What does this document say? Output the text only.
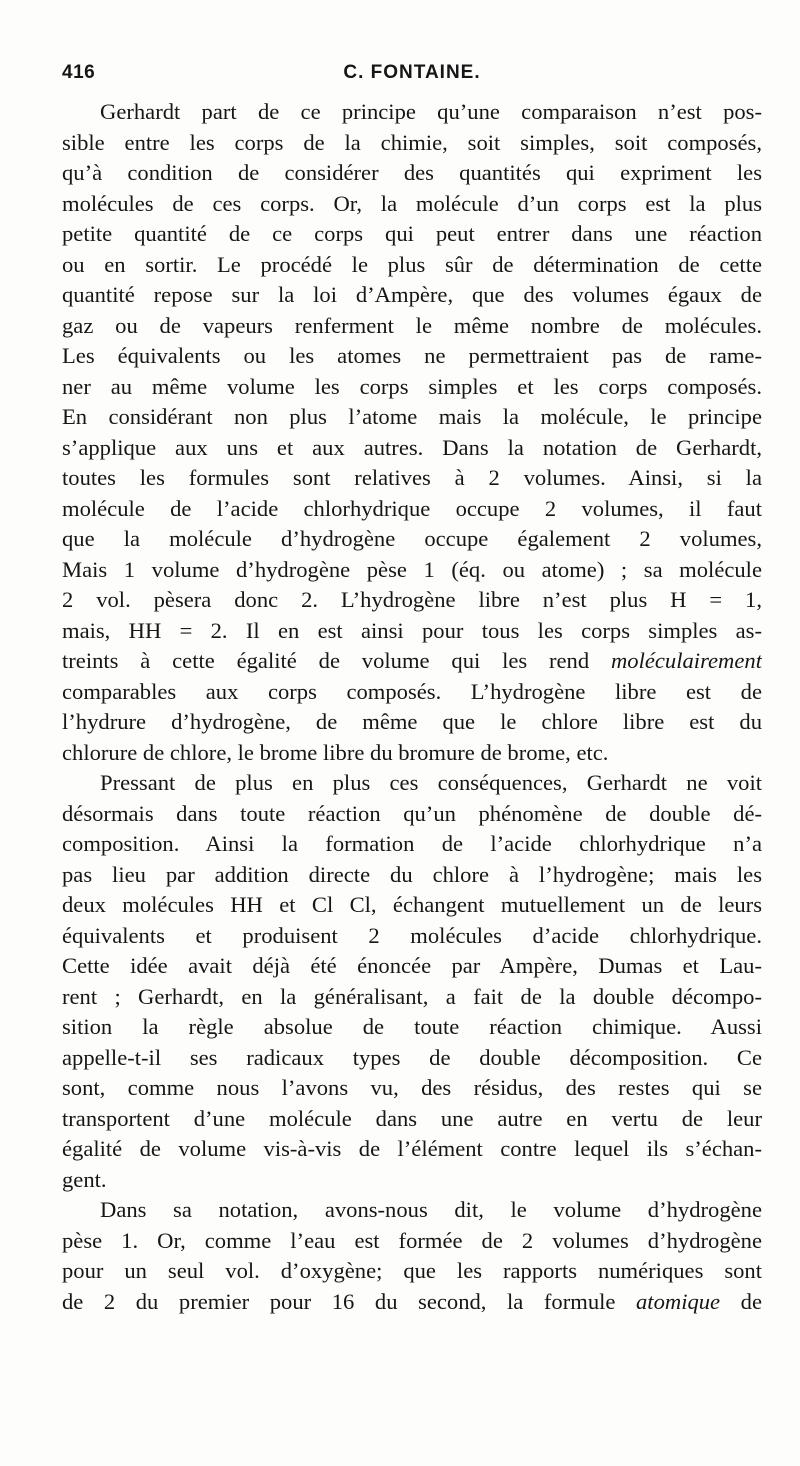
416	C. FONTAINE.
Gerhardt part de ce principe qu’une comparaison n’est pos-
sible entre les corps de la chimie, soit simples, soit composés,
qu’à condition de considérer des quantités qui expriment les
molécules de ces corps. Or, la molécule d’un corps est la plus
petite quantité de ce corps qui peut entrer dans une réaction
ou en sortir. Le procédé le plus sûr de détermination de cette
quantité repose sur la loi d’Ampère, que des volumes égaux de
gaz ou de vapeurs renferment le même nombre de molécules.
Les équivalents ou les atomes ne permettraient pas de ramе-
ner au même volume les corps simples et les corps composés.
En considérant non plus l’atome mais la molécule, le principe
s’applique aux uns et aux autres. Dans la notation de Gerhardt,
toutes les formules sont relatives à 2 volumes. Ainsi, si la
molécule de l’acide chlorhydrique occupe 2 volumes, il faut
que la molécule d’hydrogène occupe également 2 volumes,
Mais 1 volume d’hydrogène pèse 1 (éq. ou atome) ; sa molécule
2 vol. pèsera donc 2. L’hydrogène libre n’est plus H = 1,
mais, HH = 2. Il en est ainsi pour tous les corps simples as-
treints à cette égalité de volume qui les rend moléculairement
comparables aux corps composés. L’hydrogène libre est de
l’hydrure d’hydrogène, de même que le chlore libre est du
chlorure de chlore, le brome libre du bromure de brome, etc.
Pressant de plus en plus ces conséquences, Gerhardt ne voit
désormais dans toute réaction qu’un phénomène de double dé-
composition. Ainsi la formation de l’acide chlorhydrique n’a
pas lieu par addition directe du chlore à l’hydrogène; mais les
deux molécules HH et Cl Cl, échangent mutuellement un de leurs
équivalents et produisent 2 molécules d’acide chlorhydrique.
Cette idée avait déjà été énoncée par Ampère, Dumas et Lau-
rent ; Gerhardt, en la généralisant, a fait de la double décompo-
sition la règle absolue de toute réaction chimique. Aussi
appelle-t-il ses radicaux types de double décomposition. Ce
sont, comme nous l’avons vu, des résidus, des restes qui se
transportent d’une molécule dans une autre en vertu de leur
égalité de volume vis-à-vis de l’élément contre lequel ils s’échan-
gent.
Dans sa notation, avons-nous dit, le volume d’hydrogène
pèse 1. Or, comme l’eau est formée de 2 volumes d’hydrogène
pour un seul vol. d’oxygène; que les rapports numériques sont
de 2 du premier pour 16 du second, la formule atomique de
